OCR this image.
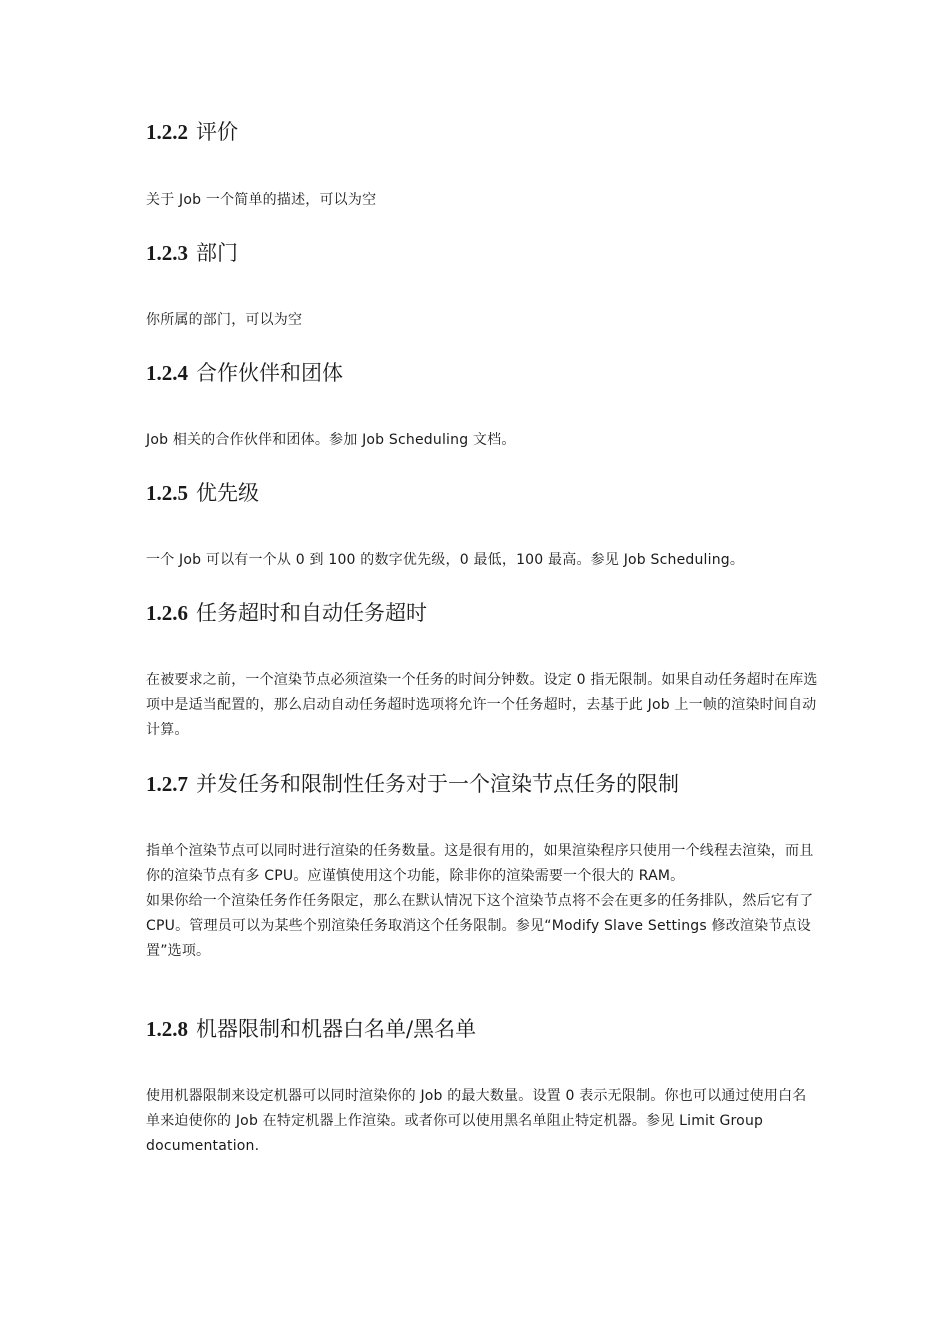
1.2.2 评价

关于 Job 一个简单的描述，可以为空

1.2.3 部门

你所属的部门，可以为空

1.2.4 合作伙伴和团体

Job 相关的合作伙伴和团体。参加 Job Scheduling 文档。

1.2.5 优先级

一个 Job 可以有一个从 0 到 100 的数字优先级，0 最低，100 最高。参见 Job Scheduling。

1.2.6 任务超时和自动任务超时

在被要求之前，一个渲染节点必须渲染一个任务的时间分钟数。设定 0 指无限制。如果自动任务超时在库选项中是适当配置的，那么启动自动任务超时选项将允许一个任务超时，去基于此 Job 上一帧的渲染时间自动计算。

1.2.7 并发任务和限制性任务对于一个渲染节点任务的限制

指单个渲染节点可以同时进行渲染的任务数量。这是很有用的，如果渲染程序只使用一个线程去渲染，而且你的渲染节点有多 CPU。应谨慎使用这个功能，除非你的渲染需要一个很大的 RAM。

如果你给一个渲染任务作任务限定，那么在默认情况下这个渲染节点将不会在更多的任务排队，然后它有了 CPU。管理员可以为某些个别渲染任务取消这个任务限制。参见“Modify Slave Settings 修改渲染节点设置”选项。

1.2.8 机器限制和机器白名单/黑名单

使用机器限制来设定机器可以同时渲染你的 Job 的最大数量。设置 0 表示无限制。你也可以通过使用白名单来迫使你的 Job 在特定机器上作渲染。或者你可以使用黑名单阻止特定机器。参见 Limit Group documentation.
